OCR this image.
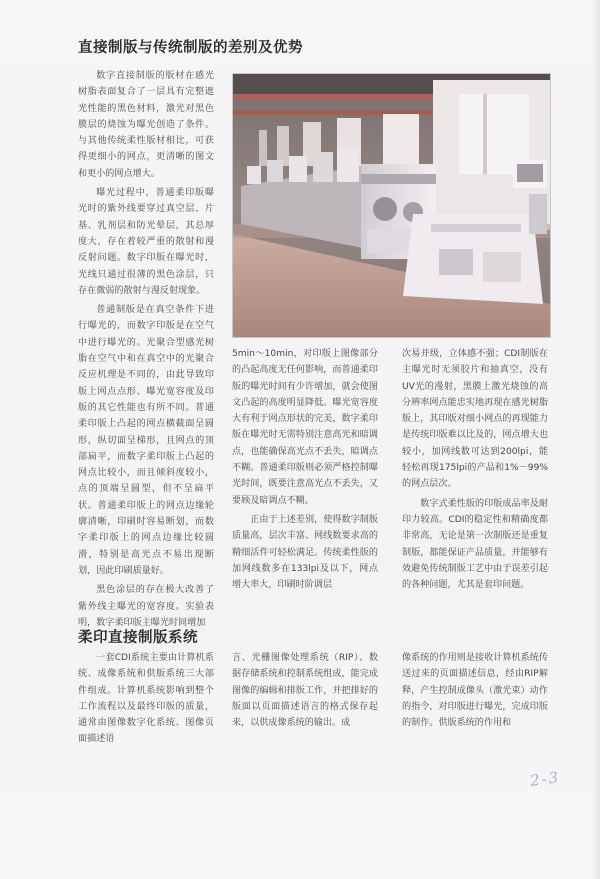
直接制版与传统制版的差别及优势

数字直接制版的版材在感光树脂表面复合了一层具有完整遮光性能的黑色材料，激光对黑色膜层的烧蚀为曝光创造了条件。与其他传统柔性版材相比，可获得更细小的网点，更清晰的图文和更小的网点增大。

曝光过程中，普通柔印版曝光时的紫外线要穿过真空层、片基、乳剂层和防光晕层，其总厚度大，存在着较严重的散射和漫反射问题。数字印版在曝光时，光线只通过很薄的黑色涂层，只存在微弱的散射与漫反射现象。

普通制版是在真空条件下进行曝光的，而数字印版是在空气中进行曝光的。光聚合型感光树脂在空气中和在真空中的光聚合反应机理是不同的，由此导致印版上网点点形、曝光宽容度及印版的其它性能也有所不同。普通柔印版上凸起的网点横截面呈圆形，纵切面呈梯形，且网点的顶部扁平，而数字柔印版上凸起的网点比较小，而且倾斜度较小，点的顶端呈圆型，但不呈扁平状。普通柔印版上的网点边缘轮廓清晰，印刷时容易断划，而数字柔印版上的网点边缘比较圆滑，特别是高光点不易出现断划，因此印刷质量好。

黑色涂层的存在极大改善了紫外线主曝光的宽容度。实验表明，数字柔印版主曝光时间增加

5min～10min，对印版上图像部分的凸起高度无任何影响，而普通柔印版的曝光时间有少许增加，就会使图文凸起的高度明显降低。曝光宽容度大有利于网点形状的完美，数字柔印版在曝光时无需特别注意高光和暗调点，也能确保高光点不丢失，暗调点不糊。普通柔印版则必须严格控制曝光时间，既要注意高光点不丢失，又要顾及暗调点不糊。

正由于上述差别，使得数字制版质量高，层次丰富、网线数要求高的精细活件可轻松满足。传统柔性版的加网线数多在133lpi及以下，网点增大率大，印刷时阶调层

次易并级，立体感不强；CDI制版在主曝光时无须胶片和抽真空，没有UV光的漫射，黑膜上激光烧蚀的高分辨率网点能忠实地再现在感光树脂版上，其印版对细小网点的再现能力是传统印版难以比及的，网点增大也较小，加网线数可达到200lpi，能轻松再现175lpi的产品和1%－99%的网点层次。

数字式柔性版的印版成品率及耐印力较高。CDI的稳定性和精确度都非常高，无论是第一次制版还是重复制版，都能保证产品质量，并能够有效避免传统制版工艺中由于误差引起的各种问题，尤其是套印问题。

柔印直接制版系统

一套CDI系统主要由计算机系统、成像系统和供版系统三大部件组成。计算机系统影响到整个工作流程以及最终印版的质量，通常由图像数字化系统、图像页面描述语

言、光栅图像处理系统（RIP）、数据存储系统和控制系统组成，能完成图像的编辑和排版工作，并把排好的版面以页面描述语言的格式保存起来，以供成像系统的输出。成

像系统的作用则是接收计算机系统传送过来的页面描述信息，经由RIP解释，产生控制成像头（激光束）动作的指令，对印版进行曝光，完成印版的制作。供版系统的作用和

2-3
